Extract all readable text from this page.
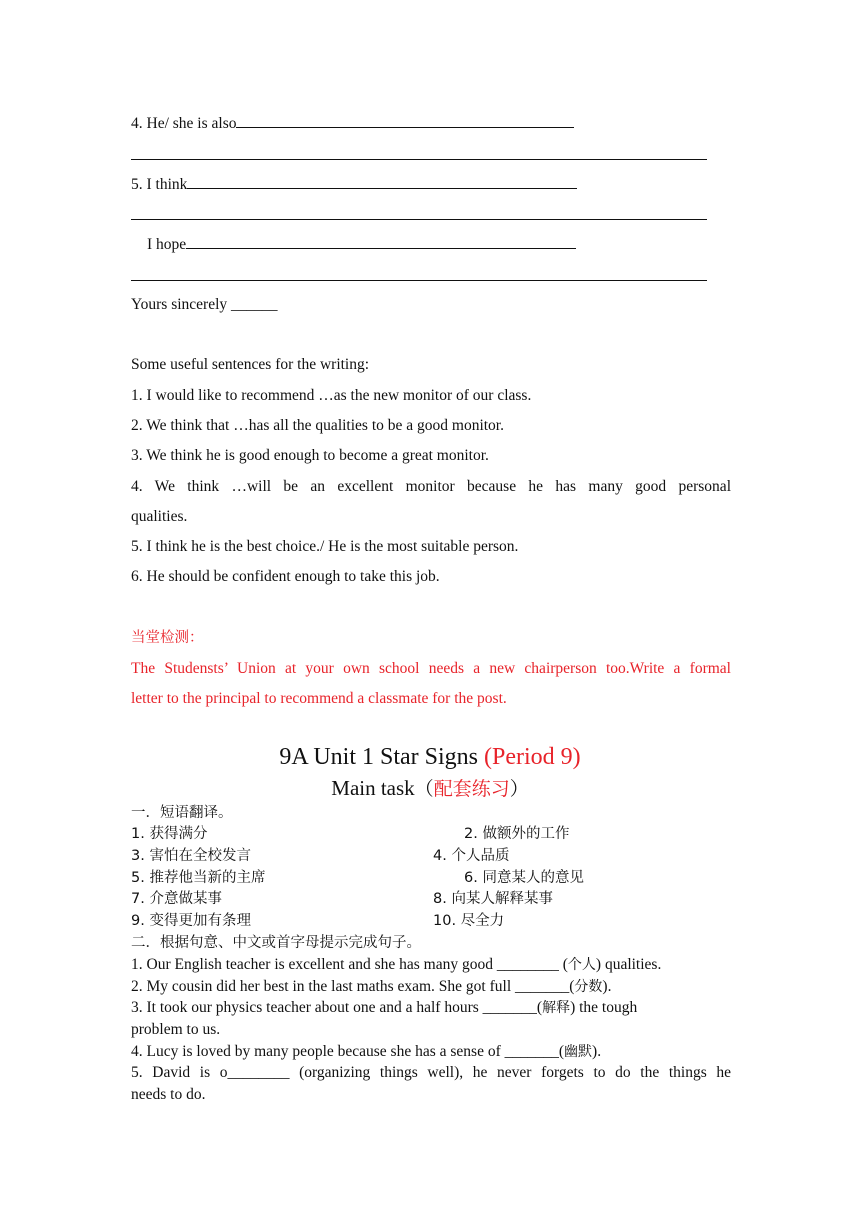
4. He/ she is also
5. I think
I hope
Yours sincerely ______
Some useful sentences for the writing:
1. I would like to recommend …as the new monitor of our class.
2. We think that …has all the qualities to be a good monitor.
3. We think he is good enough to become a great monitor.
4. We think …will be an excellent monitor because he has many good personal
qualities.
5. I think he is the best choice./ He is the most suitable person.
6. He should be confident enough to take this job.
当堂检测：
The Studensts’ Union at your own school needs a new chairperson too.Write a formal
letter to the principal to recommend a classmate for the post.
9A Unit 1 Star Signs (Period 9)
Main task（配套练习）
一．短语翻译。
1. 获得满分	2. 做额外的工作
3. 害怕在全校发言	4. 个人品质
5. 推荐他当新的主席	6. 同意某人的意见
7. 介意做某事	8. 向某人解释某事
9. 变得更加有条理	10. 尽全力
二．根据句意、中文或首字母提示完成句子。
1. Our English teacher is excellent and she has many good ________ (个人) qualities.
2. My cousin did her best in the last maths exam. She got full _______(分数).
3. It took our physics teacher about one and a half hours _______(解释) the tough
problem to us.
4. Lucy is loved by many people because she has a sense of _______(幽默).
5. David is o________ (organizing things well), he never forgets to do the things he
needs to do.
